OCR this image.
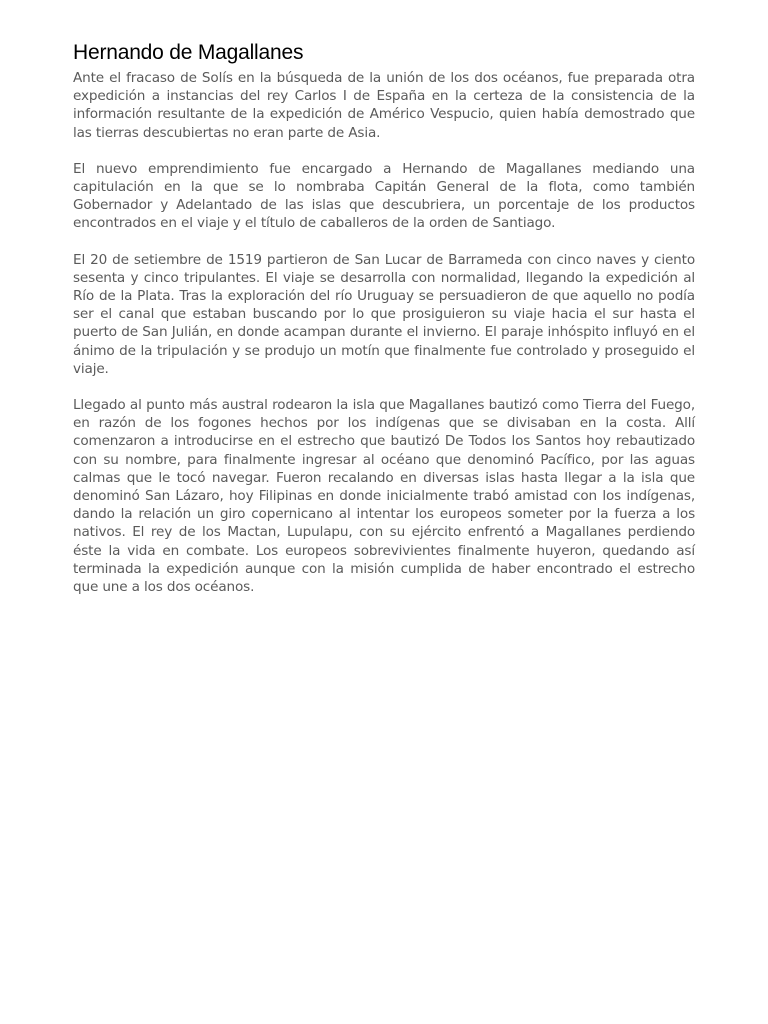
Hernando de Magallanes

Ante el fracaso de Solís en la búsqueda de la unión de los dos océanos, fue preparada otra expedición a instancias del rey Carlos I de España en la certeza de la consistencia de la información resultante de la expedición de Américo Vespucio, quien había demostrado que las tierras descubiertas no eran parte de Asia.

El nuevo emprendimiento fue encargado a Hernando de Magallanes mediando una capitulación en la que se lo nombraba Capitán General de la flota, como también Gobernador y Adelantado de las islas que descubriera, un porcentaje de los productos encontrados en el viaje y el título de caballeros de la orden de Santiago.

El 20 de setiembre de 1519 partieron de San Lucar de Barrameda con cinco naves y ciento sesenta y cinco tripulantes. El viaje se desarrolla con normalidad, llegando la expedición al Río de la Plata. Tras la exploración del río Uruguay se persuadieron de que aquello no podía ser el canal que estaban buscando por lo que prosiguieron su viaje hacia el sur hasta el puerto de San Julián, en donde acampan durante el invierno. El paraje inhóspito influyó en el ánimo de la tripulación y se produjo un motín que finalmente fue controlado y proseguido el viaje.

Llegado al punto más austral rodearon la isla que Magallanes bautizó como Tierra del Fuego, en razón de los fogones hechos por los indígenas que se divisaban en la costa. Allí comenzaron a introducirse en el estrecho que bautizó De Todos los Santos hoy rebautizado con su nombre, para finalmente ingresar al océano que denominó Pacífico, por las aguas calmas que le tocó navegar. Fueron recalando en diversas islas hasta llegar a la isla que denominó San Lázaro, hoy Filipinas en donde inicialmente trabó amistad con los indígenas, dando la relación un giro copernicano al intentar los europeos someter por la fuerza a los nativos. El rey de los Mactan, Lupulapu, con su ejército enfrentó a Magallanes perdiendo éste la vida en combate. Los europeos sobrevivientes finalmente huyeron, quedando así terminada la expedición aunque con la misión cumplida de haber encontrado el estrecho que une a los dos océanos.
